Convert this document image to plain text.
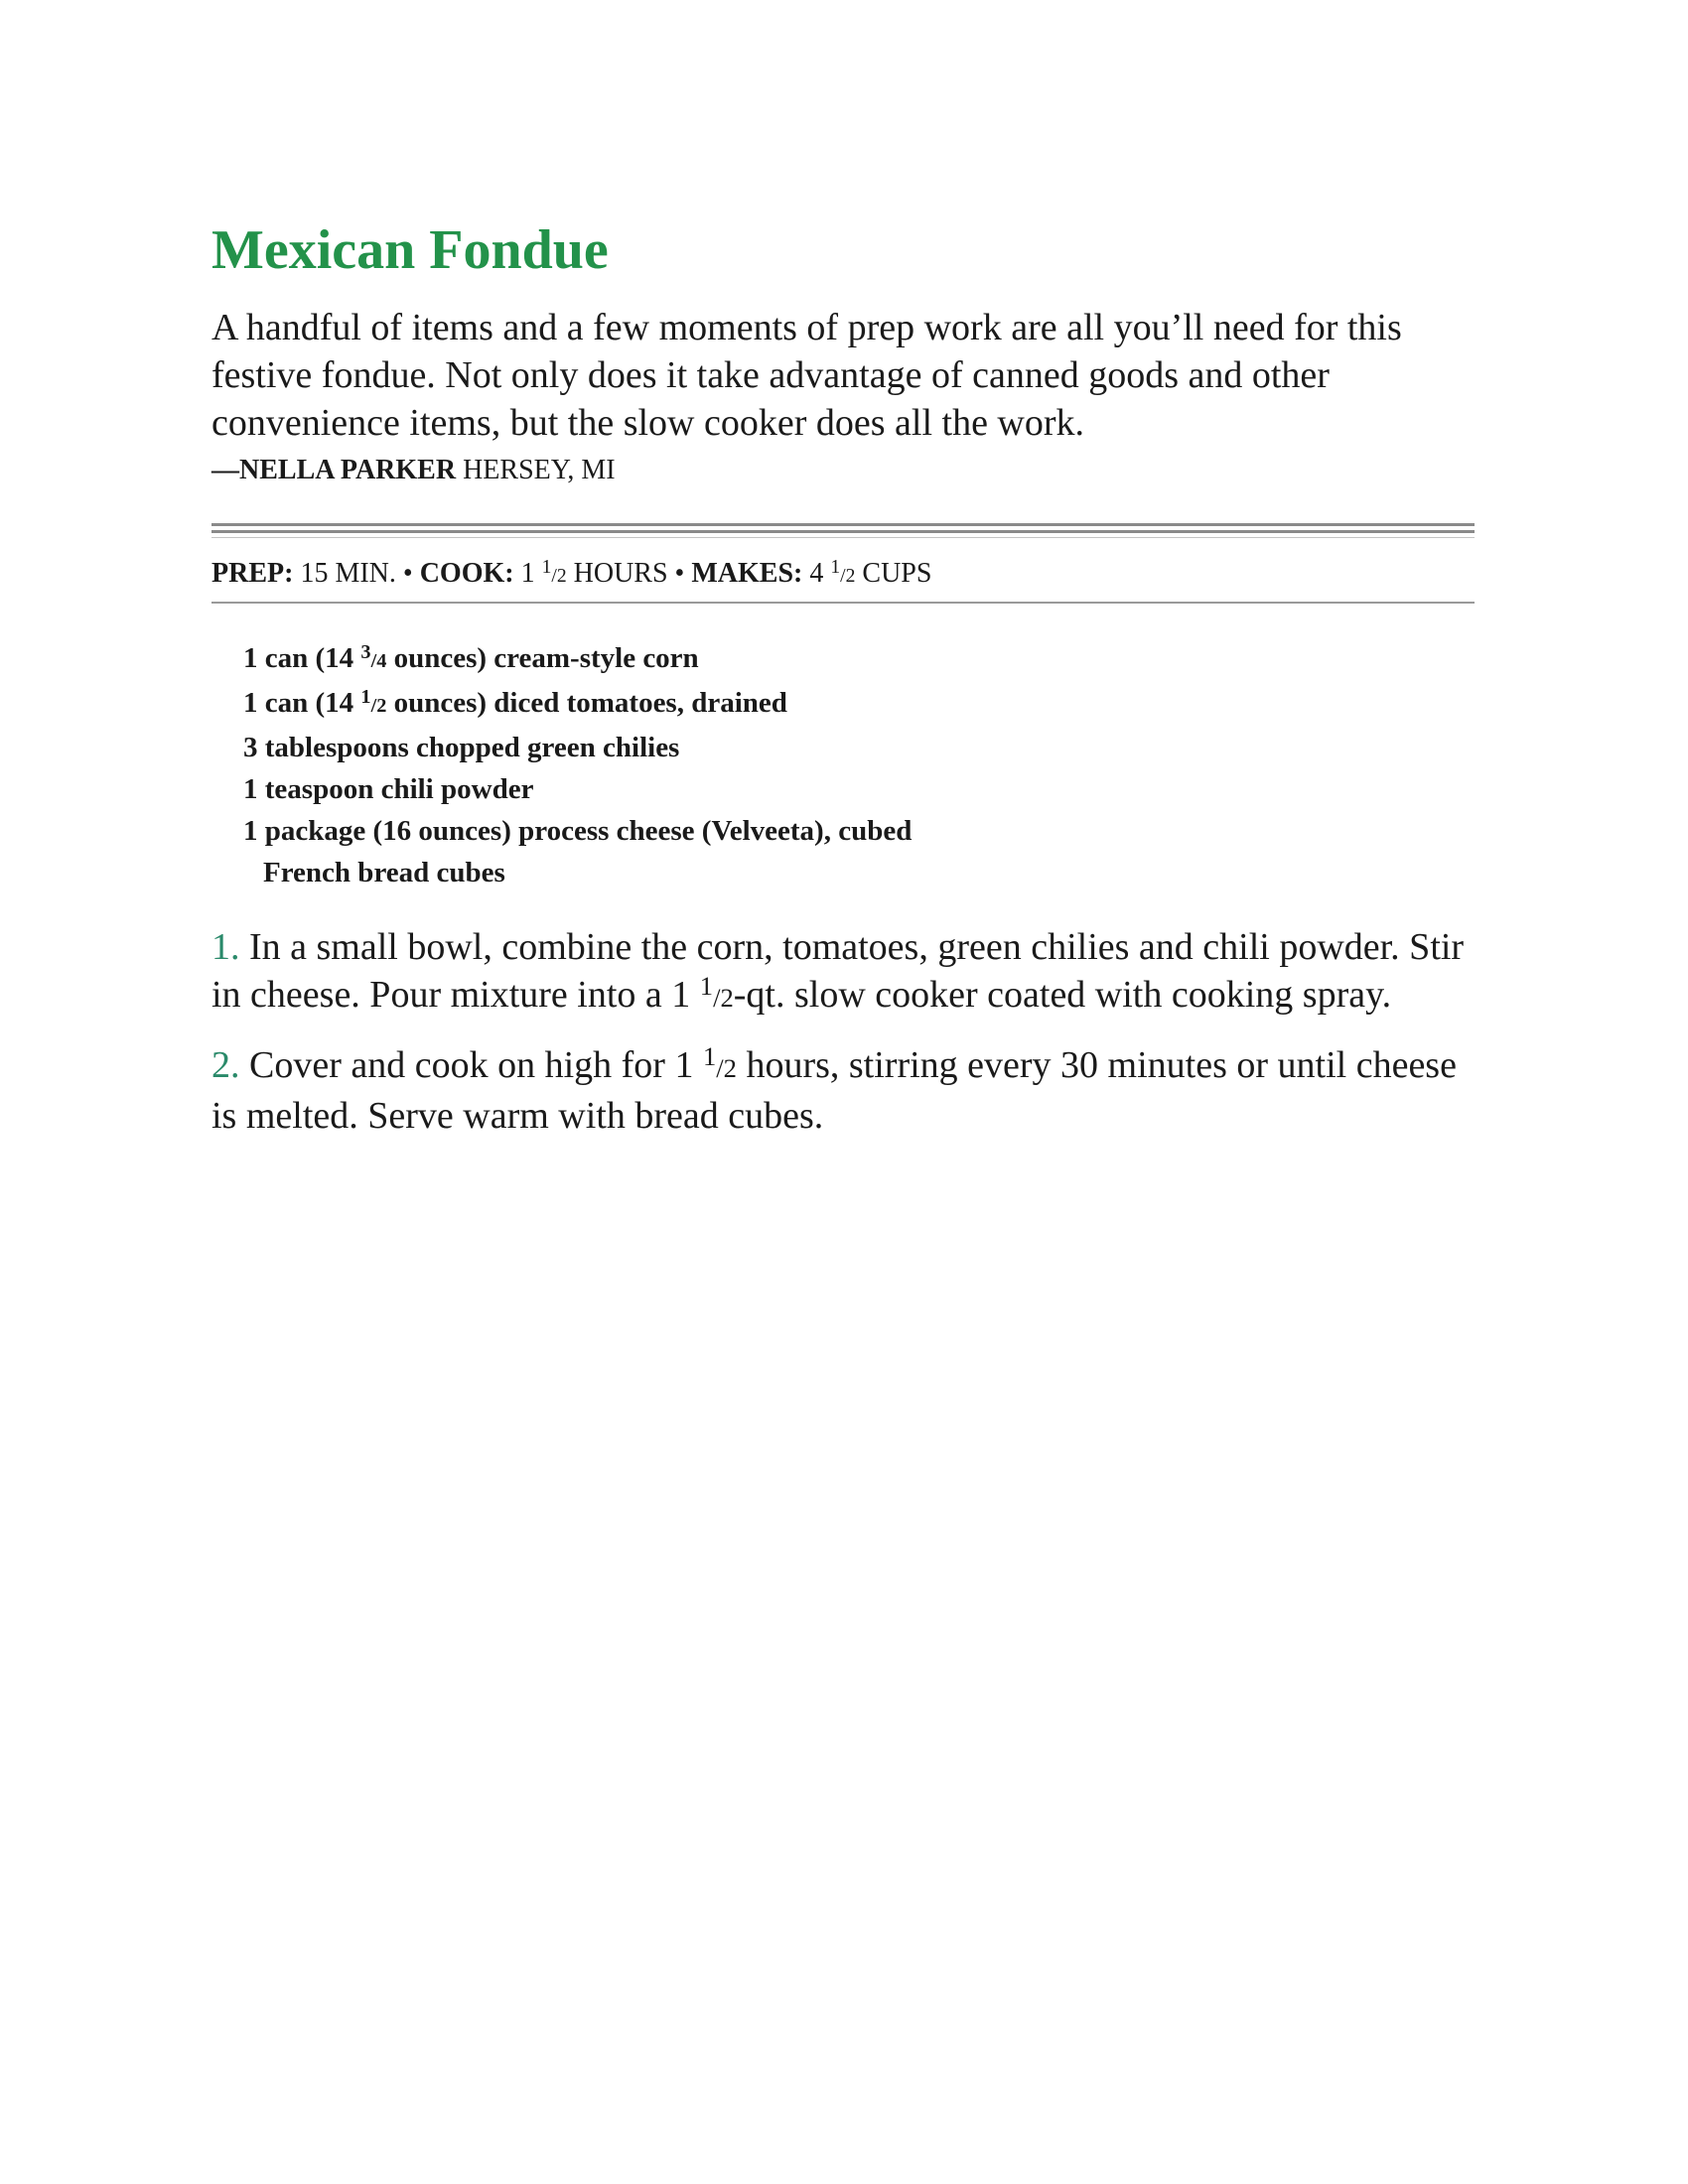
Mexican Fondue

A handful of items and a few moments of prep work are all you’ll need for this festive fondue. Not only does it take advantage of canned goods and other convenience items, but the slow cooker does all the work.

—NELLA PARKER HERSEY, MI
PREP: 15 MIN. • COOK: 1 $^1$/2 HOURS • MAKES: 4 $^1$/2 CUPS
1 can (14 $^3$/4 ounces) cream-style corn
1 can (14 $^1$/2 ounces) diced tomatoes, drained
3 tablespoons chopped green chilies
1 teaspoon chili powder
1 package (16 ounces) process cheese (Velveeta), cubed
French bread cubes
1. In a small bowl, combine the corn, tomatoes, green chilies and chili powder. Stir in cheese. Pour mixture into a 1 $^1$/2-qt. slow cooker coated with cooking spray.
2. Cover and cook on high for 1 $^1$/2 hours, stirring every 30 minutes or until cheese is melted. Serve warm with bread cubes.
